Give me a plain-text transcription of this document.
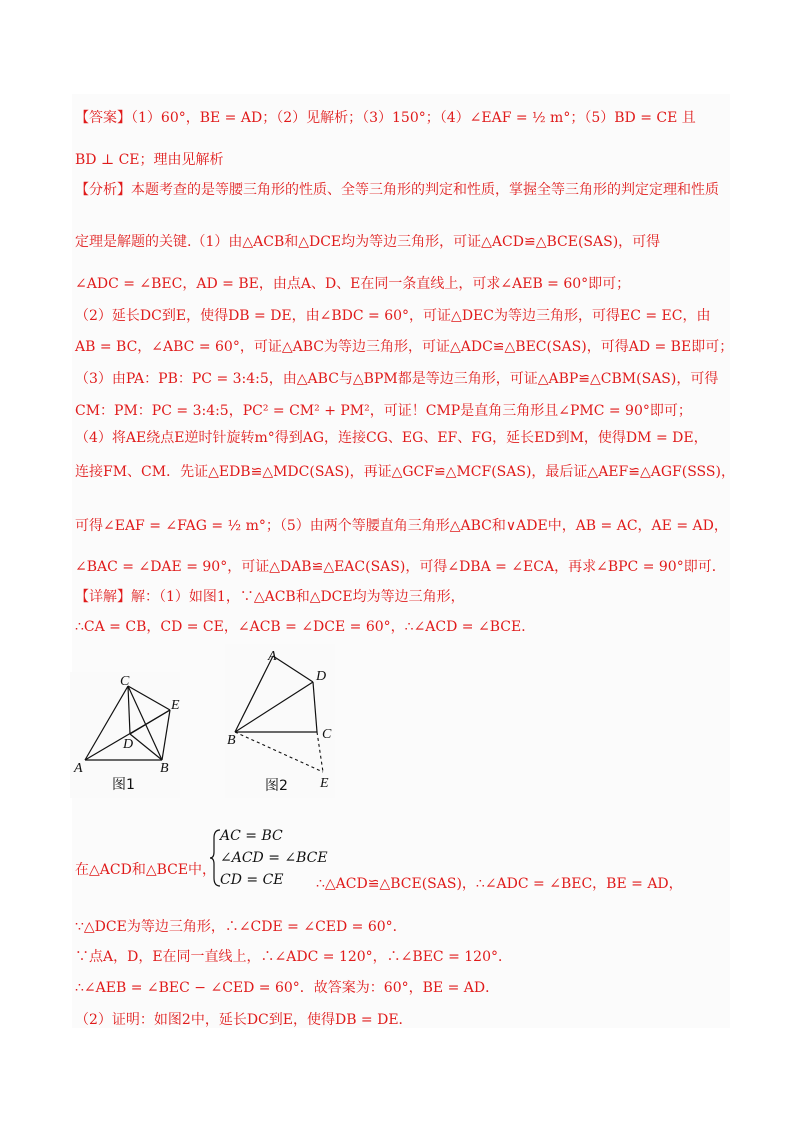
【答案】（1）60°，BE = AD；（2）见解析；（3）150°；（4）∠EAF = ½ m°；（5）BD = CE 且
BD ⊥ CE；理由见解析
【分析】本题考查的是等腰三角形的性质、全等三角形的判定和性质，掌握全等三角形的判定定理和性质
定理是解题的关键.（1）由△ACB和△DCE均为等边三角形，可证△ACD≌△BCE(SAS)，可得
∠ADC = ∠BEC，AD = BE，由点A、D、E在同一条直线上，可求∠AEB = 60°即可；
（2）延长DC到E，使得DB = DE，由∠BDC = 60°，可证△DEC为等边三角形，可得EC = EC，由
AB = BC，∠ABC = 60°，可证△ABC为等边三角形，可证△ADC≌△BEC(SAS)，可得AD = BE即可；
（3）由PA：PB：PC = 3:4:5，由△ABC与△BPM都是等边三角形，可证△ABP≌△CBM(SAS)，可得
CM：PM：PC = 3:4:5，PC² = CM² + PM²，可证！CMP是直角三角形且∠PMC = 90°即可；
（4）将AE绕点E逆时针旋转m°得到AG，连接CG、EG、EF、FG，延长ED到M，使得DM = DE，
连接FM、CM．先证△EDB≌△MDC(SAS)，再证△GCF≌△MCF(SAS)，最后证△AEF≌△AGF(SSS)，
可得∠EAF = ∠FAG = ½ m°；（5）由两个等腰直角三角形△ABC和∨ADE中，AB = AC，AE = AD，
∠BAC = ∠DAE = 90°，可证△DAB≌△EAC(SAS)，可得∠DBA = ∠ECA，再求∠BPC = 90°即可．
【详解】解：（1）如图1，∵△ACB和△DCE均为等边三角形，
∴CA = CB，CD = CE，∠ACB = ∠DCE = 60°，∴∠ACD = ∠BCE．
C
E
D
A	B
图1
A
D
C
B
E
图2
AC = BC
∠ACD = ∠BCE
CD = CE
在△ACD和△BCE中，
∴△ACD≌△BCE(SAS)，∴∠ADC = ∠BEC，BE = AD，
∵△DCE为等边三角形，∴∠CDE = ∠CED = 60°．
∵点A，D，E在同一直线上，∴∠ADC = 120°，∴∠BEC = 120°．
∴∠AEB = ∠BEC − ∠CED = 60°．故答案为：60°，BE = AD．
（2）证明：如图2中，延长DC到E，使得DB = DE．
